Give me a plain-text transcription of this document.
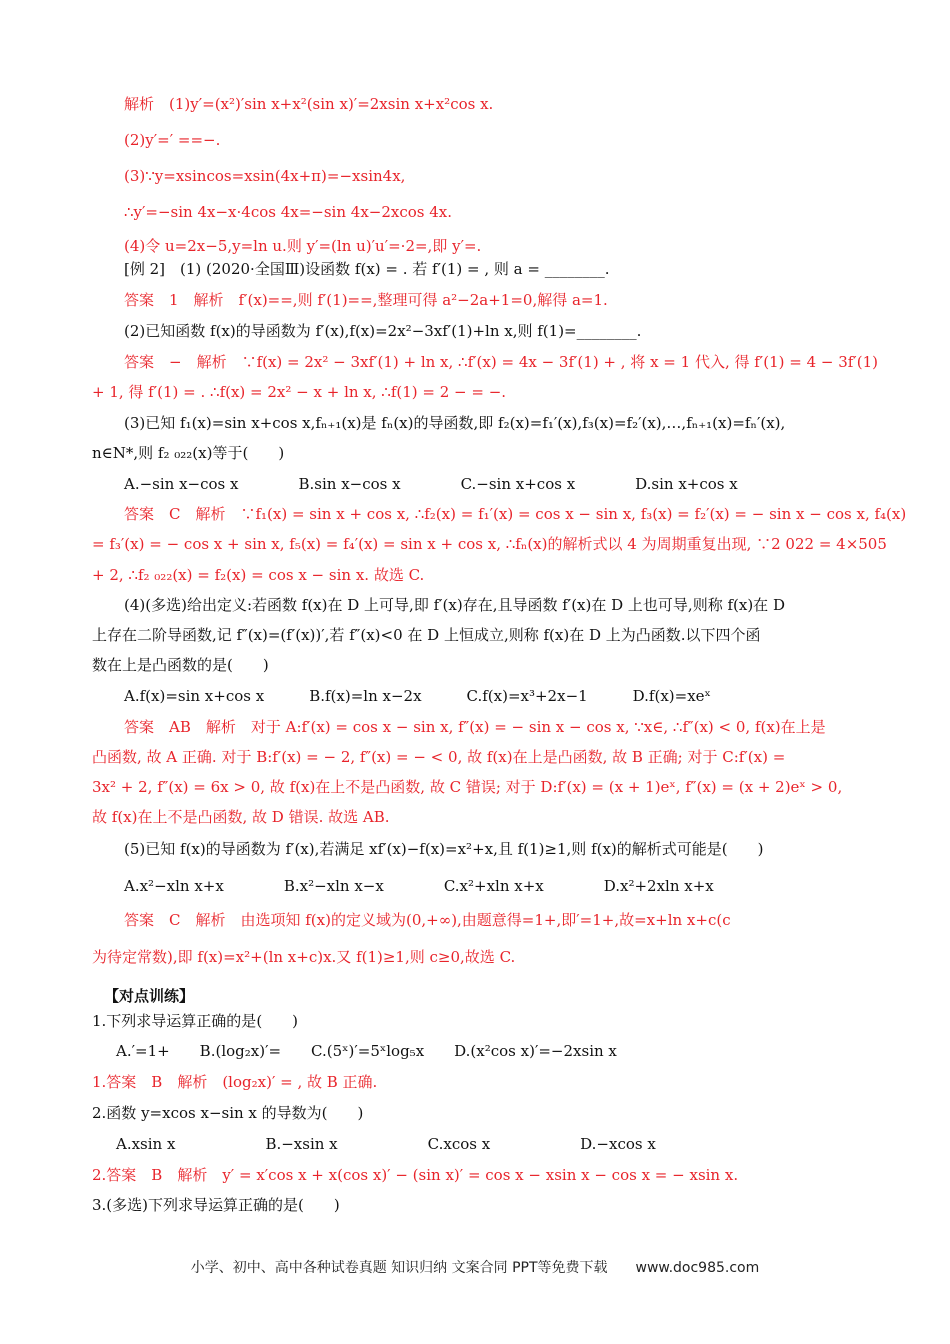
解析　(1)y′=(x²)′sin x+x²(sin x)′=2xsin x+x²cos x.
(2)y′=′ ==−.
(3)∵y=xsincos=xsin(4x+π)=−xsin4x,
∴y′=−sin 4x−x·4cos 4x=−sin 4x−2xcos 4x.
(4)令 u=2x−5,y=ln u.则 y′=(ln u)′u′=·2=,即 y′=.
[例 2]　(1) (2020·全国Ⅲ)设函数 f(x) = . 若 f′(1) = , 则 a = ________.
答案　1　解析　f′(x)==,则 f′(1)==,整理可得 a²−2a+1=0,解得 a=1.
(2)已知函数 f(x)的导函数为 f′(x),f(x)=2x²−3xf′(1)+ln x,则 f(1)=________.
答案　−　解析　∵f(x) = 2x² − 3xf′(1) + ln x, ∴f′(x) = 4x − 3f′(1) + , 将 x = 1 代入, 得 f′(1) = 4 − 3f′(1)
+ 1, 得 f′(1) = . ∴f(x) = 2x² − x + ln x, ∴f(1) = 2 − = −.
(3)已知 f₁(x)=sin x+cos x,fₙ₊₁(x)是 fₙ(x)的导函数,即 f₂(x)=f₁′(x),f₃(x)=f₂′(x),…,fₙ₊₁(x)=fₙ′(x),
n∈N*,则 f₂ ₀₂₂(x)等于(　　)
A.−sin x−cos x　　　　B.sin x−cos x　　　　C.−sin x+cos x　　　　D.sin x+cos x
答案　C　解析　∵f₁(x) = sin x + cos x, ∴f₂(x) = f₁′(x) = cos x − sin x, f₃(x) = f₂′(x) = − sin x − cos x, f₄(x)
= f₃′(x) = − cos x + sin x, f₅(x) = f₄′(x) = sin x + cos x, ∴fₙ(x)的解析式以 4 为周期重复出现, ∵2 022 = 4×505
+ 2, ∴f₂ ₀₂₂(x) = f₂(x) = cos x − sin x. 故选 C.
(4)(多选)给出定义:若函数 f(x)在 D 上可导,即 f′(x)存在,且导函数 f′(x)在 D 上也可导,则称 f(x)在 D
上存在二阶导函数,记 f″(x)=(f′(x))′,若 f″(x)<0 在 D 上恒成立,则称 f(x)在 D 上为凸函数.以下四个函
数在上是凸函数的是(　　)
A.f(x)=sin x+cos x　　　B.f(x)=ln x−2x　　　C.f(x)=x³+2x−1　　　D.f(x)=xeˣ
答案　AB　解析　对于 A:f′(x) = cos x − sin x, f″(x) = − sin x − cos x, ∵x∈, ∴f″(x) < 0, f(x)在上是
凸函数, 故 A 正确. 对于 B:f′(x) = − 2, f″(x) = − < 0, 故 f(x)在上是凸函数, 故 B 正确; 对于 C:f′(x) =
3x² + 2, f″(x) = 6x > 0, 故 f(x)在上不是凸函数, 故 C 错误; 对于 D:f′(x) = (x + 1)eˣ, f″(x) = (x + 2)eˣ > 0,
故 f(x)在上不是凸函数, 故 D 错误. 故选 AB.
(5)已知 f(x)的导函数为 f′(x),若满足 xf′(x)−f(x)=x²+x,且 f(1)≥1,则 f(x)的解析式可能是(　　)
A.x²−xln x+x　　　　B.x²−xln x−x　　　　C.x²+xln x+x　　　　D.x²+2xln x+x
答案　C　解析　由选项知 f(x)的定义域为(0,+∞),由题意得=1+,即′=1+,故=x+ln x+c(c
为待定常数),即 f(x)=x²+(ln x+c)x.又 f(1)≥1,则 c≥0,故选 C.
【对点训练】
1.下列求导运算正确的是(　　)
A.′=1+　　B.(log₂x)′=　　C.(5ˣ)′=5ˣlog₅x　　D.(x²cos x)′=−2xsin x
1.答案　B　解析　(log₂x)′ = , 故 B 正确.
2.函数 y=xcos x−sin x 的导数为(　　)
A.xsin x　　　　　　B.−xsin x　　　　　　C.xcos x　　　　　　D.−xcos x
2.答案　B　解析　y′ = x′cos x + x(cos x)′ − (sin x)′ = cos x − xsin x − cos x = − xsin x.
3.(多选)下列求导运算正确的是(　　)
小学、初中、高中各种试卷真题 知识归纳 文案合同 PPT等免费下载　　www.doc985.com
